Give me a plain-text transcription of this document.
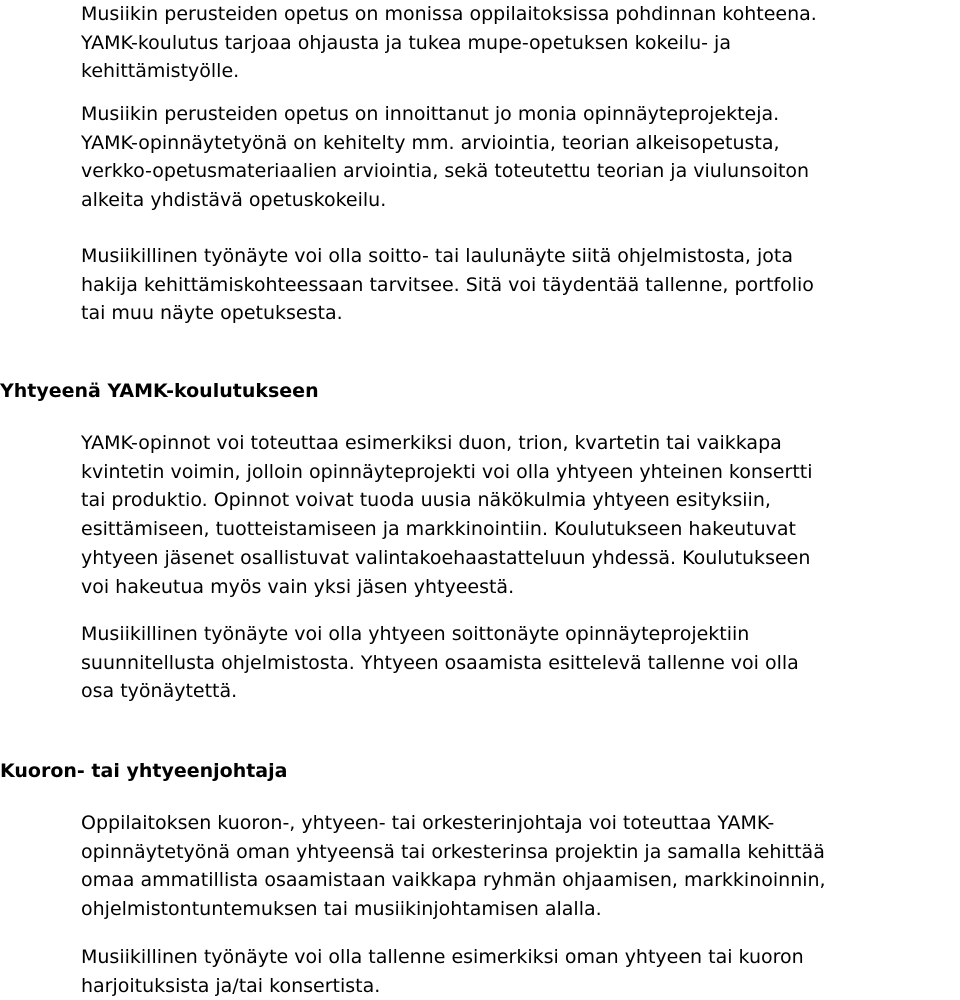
Musiikin perusteiden opetus on monissa oppilaitoksissa pohdinnan kohteena.
YAMK-koulutus tarjoaa ohjausta ja tukea mupe-opetuksen kokeilu- ja
kehittämistyölle.

Musiikin perusteiden opetus on innoittanut jo monia opinnäyteprojekteja.
YAMK-opinnäytetyönä on kehitelty mm. arviointia, teorian alkeisopetusta,
verkko-opetusmateriaalien arviointia, sekä toteutettu teorian ja viulunsoiton
alkeita yhdistävä opetuskokeilu.

Musiikillinen työnäyte voi olla soitto- tai laulunäyte siitä ohjelmistosta, jota
hakija kehittämiskohteessaan tarvitsee. Sitä voi täydentää tallenne, portfolio
tai muu näyte opetuksesta.

Yhtyeenä YAMK-koulutukseen

YAMK-opinnot voi toteuttaa esimerkiksi duon, trion, kvartetin tai vaikkapa
kvintetin voimin, jolloin opinnäyteprojekti voi olla yhtyeen yhteinen konsertti
tai produktio. Opinnot voivat tuoda uusia näkökulmia yhtyeen esityksiin,
esittämiseen, tuotteistamiseen ja markkinointiin. Koulutukseen hakeutuvat
yhtyeen jäsenet osallistuvat valintakoehaastatteluun yhdessä. Koulutukseen
voi hakeutua myös vain yksi jäsen yhtyeestä.

Musiikillinen työnäyte voi olla yhtyeen soittonäyte opinnäyteprojektiin
suunnitellusta ohjelmistosta. Yhtyeen osaamista esittelevä tallenne voi olla
osa työnäytettä.

Kuoron- tai yhtyeenjohtaja

Oppilaitoksen kuoron-, yhtyeen- tai orkesterinjohtaja voi toteuttaa YAMK-
opinnäytetyönä oman yhtyeensä tai orkesterinsa projektin ja samalla kehittää
omaa ammatillista osaamistaan vaikkapa ryhmän ohjaamisen, markkinoinnin,
ohjelmistontuntemuksen tai musiikinjohtamisen alalla.

Musiikillinen työnäyte voi olla tallenne esimerkiksi oman yhtyeen tai kuoron
harjoituksista ja/tai konsertista.
